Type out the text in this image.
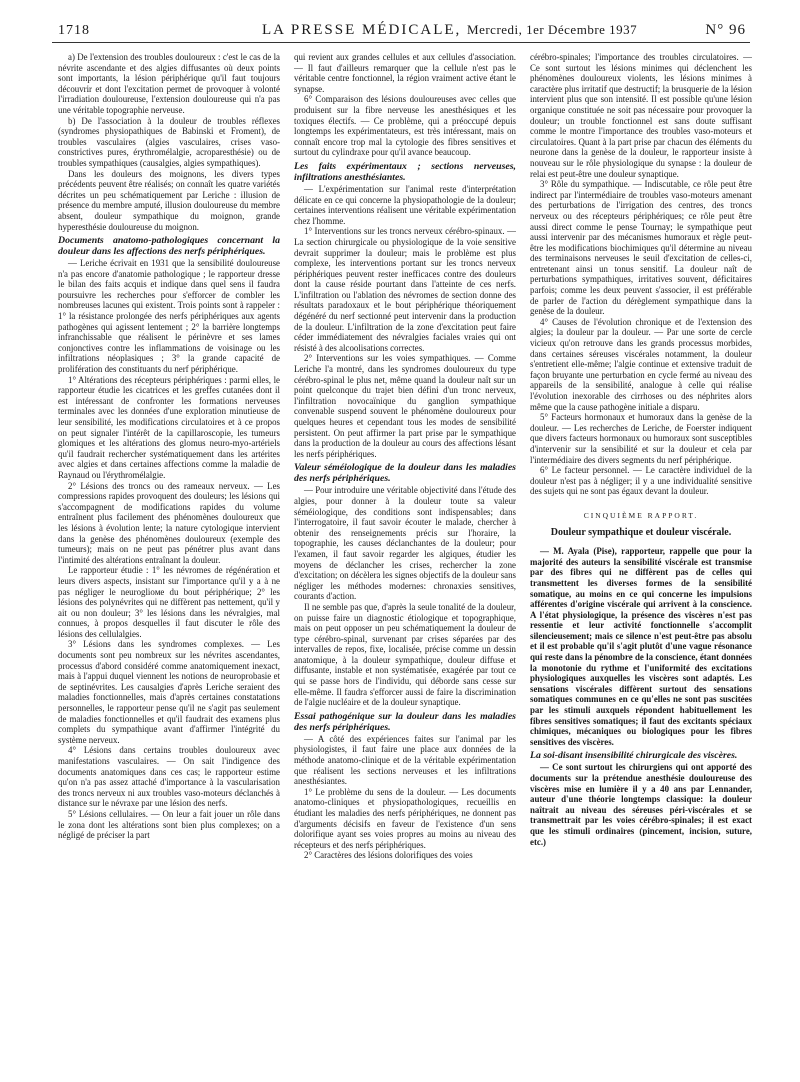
1718	LA PRESSE MÉDICALE, Mercredi, 1er Décembre 1937	N° 96

a) De l'extension des troubles douloureux : c'est le cas de la névrite ascendante et des algies diffusantes où deux points sont importants, la lésion périphérique qu'il faut toujours découvrir et dont l'excitation permet de provoquer à volonté l'irradiation douloureuse, l'extension douloureuse qui n'a pas une véritable topographie nerveuse.

b) De l'association à la douleur de troubles réflexes (syndromes physiopathiques de Babinski et Froment), de troubles vasculaires (algies vasculaires, crises vaso-constrictives pures, érythromélalgie, acroparesthésie) ou de troubles sympathiques (causalgies, algies sympathiques).

Dans les douleurs des moignons, les divers types précédents peuvent être réalisés; on connaît les quatre variétés décrites un peu schématiquement par Leriche : illusion de présence du membre amputé, illusion douloureuse du membre absent, douleur sympathique du moignon, grande hyperesthésie douloureuse du moignon.

Documents anatomo-pathologiques concernant la douleur dans les affections des nerfs périphériques.

— Leriche écrivait en 1931 que la sensibilité douloureuse n'a pas encore d'anatomie pathologique ; le rapporteur dresse le bilan des faits acquis et indique dans quel sens il faudra poursuivre les recherches pour s'efforcer de combler les nombreuses lacunes qui existent. Trois points sont à rappeler : 1° la résistance prolongée des nerfs périphériques aux agents pathogènes qui agissent lentement ; 2° la barrière longtemps infranchissable que réalisent le périnèvre et ses lames conjonctives contre les inflammations de voisinage ou les infiltrations néoplasiques ; 3° la grande capacité de prolifération des constituants du nerf périphérique.

1° Altérations des récepteurs périphériques : parmi elles, le rapporteur étudie les cicatrices et les greffes cutanées dont il est intéressant de confronter les formations nerveuses terminales avec les données d'une exploration minutieuse de leur sensibilité, les modifications circulatoires et à ce propos on peut signaler l'intérêt de la capillaroscopie, les tumeurs glomiques et les altérations des glomus neuro-myo-artériels qu'il faudrait rechercher systématiquement dans les artérites avec algies et dans certaines affections comme la maladie de Raynaud ou l'érythromélalgie.

2° Lésions des troncs ou des rameaux nerveux. — Les compressions rapides provoquent des douleurs; les lésions qui s'accompagnent de modifications rapides du volume entraînent plus facilement des phénomènes douloureux que les lésions à évolution lente; la nature cytologique intervient dans la genèse des phénomènes douloureux (exemple des tumeurs); mais on ne peut pas pénétrer plus avant dans l'intimité des altérations entraînant la douleur.

Le rapporteur étudie : 1° les névromes de régénération et leurs divers aspects, insistant sur l'importance qu'il y a à ne pas négliger le neuroglioме du bout périphérique; 2° les lésions des polynévrites qui ne diffèrent pas nettement, qu'il y ait ou non douleur; 3° les lésions dans les névralgies, mal connues, à propos desquelles il faut discuter le rôle des lésions des cellulalgies.

3° Lésions dans les syndromes complexes. — Les documents sont peu nombreux sur les névrites ascendantes, processus d'abord considéré comme anatomiquement inexact, mais à l'appui duquel viennent les notions de neuroprobasie et de septinévrites. Les causalgies d'après Leriche seraient des maladies fonctionnelles, mais d'après certaines constatations personnelles, le rapporteur pense qu'il ne s'agit pas seulement de maladies fonctionnelles et qu'il faudrait des examens plus complets du sympathique avant d'affirmer l'intégrité du système nerveux.

4° Lésions dans certains troubles douloureux avec manifestations vasculaires. — On sait l'indigence des documents anatomiques dans ces cas; le rapporteur estime qu'on n'a pas assez attaché d'importance à la vascularisation des troncs nerveux ni aux troubles vaso-moteurs déclanchés à distance sur le névraxe par une lésion des nerfs.

5° Lésions cellulaires. — On leur a fait jouer un rôle dans le zona dont les altérations sont bien plus complexes; on a négligé de préciser la part

qui revient aux grandes cellules et aux cellules d'association. — Il faut d'ailleurs remarquer que la cellule n'est pas le véritable centre fonctionnel, la région vraiment active étant le synapse.

6° Comparaison des lésions douloureuses avec celles que produisent sur la fibre nerveuse les anesthésiques et les toxiques électifs. — Ce problème, qui a préoccupé depuis longtemps les expérimentateurs, est très intéressant, mais on connaît encore trop mal la cytologie des fibres sensitives et surtout du cylindraxe pour qu'il avance beaucoup.

Les faits expérimentaux ; sections nerveuses, infiltrations anesthésiantes.

— L'expérimentation sur l'animal reste d'interprétation délicate en ce qui concerne la physiopathologie de la douleur; certaines interventions réalisent une véritable expérimentation chez l'homme.

1° Interventions sur les troncs nerveux cérébro-spinaux. — La section chirurgicale ou physiologique de la voie sensitive devrait supprimer la douleur; mais le problème est plus complexe, les interventions portant sur les troncs nerveux périphériques peuvent rester inefficaces contre des douleurs dont la cause réside pourtant dans l'atteinte de ces nerfs. L'infiltration ou l'ablation des névromes de section donne des résultats paradoxaux et le bout périphérique théoriquement dégénéré du nerf sectionné peut intervenir dans la production de la douleur. L'infiltration de la zone d'excitation peut faire céder immédiatement des névralgies faciales vraies qui ont résisté à des alcoolisations correctes.

2° Interventions sur les voies sympathiques. — Comme Leriche l'a montré, dans les syndromes douloureux du type cérébro-spinal le plus net, même quand la douleur naît sur un point quelconque du trajet bien défini d'un tronc nerveux, l'infiltration novocaïnique du ganglion sympathique convenable suspend souvent le phénomène douloureux pour quelques heures et cependant tous les modes de sensibilité persistent. On peut affirmer la part prise par le sympathique dans la production de la douleur au cours des affections lésant les nerfs périphériques.

Valeur séméiologique de la douleur dans les maladies des nerfs périphériques.

— Pour introduire une véritable objectivité dans l'étude des algies, pour donner à la douleur toute sa valeur séméiologique, des conditions sont indispensables; dans l'interrogatoire, il faut savoir écouter le malade, chercher à obtenir des renseignements précis sur l'horaire, la topographie, les causes déclanchantes de la douleur; pour l'examen, il faut savoir regarder les algiques, étudier les moyens de déclancher les crises, rechercher la zone d'excitation; on décèlera les signes objectifs de la douleur sans négliger les méthodes modernes: chronaxies sensitives, courants d'action.

Il ne semble pas que, d'après la seule tonalité de la douleur, on puisse faire un diagnostic étiologique et topographique, mais on peut opposer un peu schématiquement la douleur de type cérébro-spinal, survenant par crises séparées par des intervalles de repos, fixe, localisée, précise comme un dessin anatomique, à la douleur sympathique, douleur diffuse et diffusante, instable et non systématisée, exagérée par tout ce qui se passe hors de l'individu, qui déborde sans cesse sur elle-même. Il faudra s'efforcer aussi de faire la discrimination de l'algie nucléaire et de la douleur synaptique.

Essai pathogénique sur la douleur dans les maladies des nerfs périphériques.

— A côté des expériences faites sur l'animal par les physiologistes, il faut faire une place aux données de la méthode anatomo-clinique et de la véritable expérimentation que réalisent les sections nerveuses et les infiltrations anesthésiantes.

1° Le problème du sens de la douleur. — Les documents anatomo-cliniques et physiopathologiques, recueillis en étudiant les maladies des nerfs périphériques, ne donnent pas d'arguments décisifs en faveur de l'existence d'un sens dolorifique ayant ses voies propres au moins au niveau des récepteurs et des nerfs périphériques.

2° Caractères des lésions dolorifiques des voies

cérébro-spinales; l'importance des troubles circulatoires. — Ce sont surtout les lésions minimes qui déclenchent les phénomènes douloureux violents, les lésions minimes à caractère plus irritatif que destructif; la brusquerie de la lésion intervient plus que son intensité. Il est possible qu'une lésion organique constituée ne soit pas nécessaire pour provoquer la douleur; un trouble fonctionnel est sans doute suffisant comme le montre l'importance des troubles vaso-moteurs et circulatoires. Quant à la part prise par chacun des éléments du neurone dans la genèse de la douleur, le rapporteur insiste à nouveau sur le rôle physiologique du synapse : la douleur de relai est peut-être une douleur synaptique.

3° Rôle du sympathique. — Indiscutable, ce rôle peut être indirect par l'intermédiaire de troubles vaso-moteurs amenant des perturbations de l'irrigation des centres, des troncs nerveux ou des récepteurs périphériques; ce rôle peut être aussi direct comme le pense Tournay; le sympathique peut aussi intervenir par des mécanismes humoraux et règle peut-être les modifications biochimiques qu'il détermine au niveau des terminaisons nerveuses le seuil d'excitation de celles-ci, entretenant ainsi un tonus sensitif. La douleur naît de perturbations sympathiques, irritatives souvent, déficitaires parfois; comme les deux peuvent s'associer, il est préférable de parler de l'action du dérèglement sympathique dans la genèse de la douleur.

4° Causes de l'évolution chronique et de l'extension des algies; la douleur par la douleur. — Par une sorte de cercle vicieux qu'on retrouve dans les grands processus morbides, dans certaines séreuses viscérales notamment, la douleur s'entretient elle-même; l'algie continue et extensive traduit de façon bruyante une perturbation en cycle fermé au niveau des appareils de la sensibilité, analogue à celle qui réalise l'évolution inexorable des cirrhoses ou des néphrites alors même que la cause pathogène initiale a disparu.

5° Facteurs hormonaux et humoraux dans la genèse de la douleur. — Les recherches de Leriche, de Foerster indiquent que divers facteurs hormonaux ou humoraux sont susceptibles d'intervenir sur la sensibilité et sur la douleur et cela par l'intermédiaire des divers segments du nerf périphérique.

6° Le facteur personnel. — Le caractère individuel de la douleur n'est pas à négliger; il y a une individualité sensitive des sujets qui ne sont pas égaux devant la douleur.

CINQUIÈME RAPPORT.

Douleur sympathique et douleur viscérale.

— M. Ayala (Pise), rapporteur, rappelle que pour la majorité des auteurs la sensibilité viscérale est transmise par des fibres qui ne diffèrent pas de celles qui transmettent les diverses formes de la sensibilité somatique, au moins en ce qui concerne les impulsions afférentes d'origine viscérale qui arrivent à la conscience. A l'état physiologique, la présence des viscères n'est pas ressentie et leur activité fonctionnelle s'accomplit silencieusement; mais ce silence n'est peut-être pas absolu et il est probable qu'il s'agit plutôt d'une vague résonance qui reste dans la pénombre de la conscience, étant données la monotonie du rythme et l'uniformité des excitations physiologiques auxquelles les viscères sont adaptés. Les sensations viscérales diffèrent surtout des sensations somatiques communes en ce qu'elles ne sont pas suscitées par les stimuli auxquels répondent habituellement les fibres sensitives somatiques; il faut des excitants spéciaux chimiques, mécaniques ou biologiques pour les fibres sensitives des viscères.

La soi-disant insensibilité chirurgicale des viscères.

— Ce sont surtout les chirurgiens qui ont apporté des documents sur la prétendue anesthésie douloureuse des viscères mise en lumière il y a 40 ans par Lennander, auteur d'une théorie longtemps classique: la douleur naîtrait au niveau des séreuses péri-viscérales et se transmettrait par les voies cérébro-spinales; il est exact que les stimuli ordinaires (pincement, incision, suture, etc.)
